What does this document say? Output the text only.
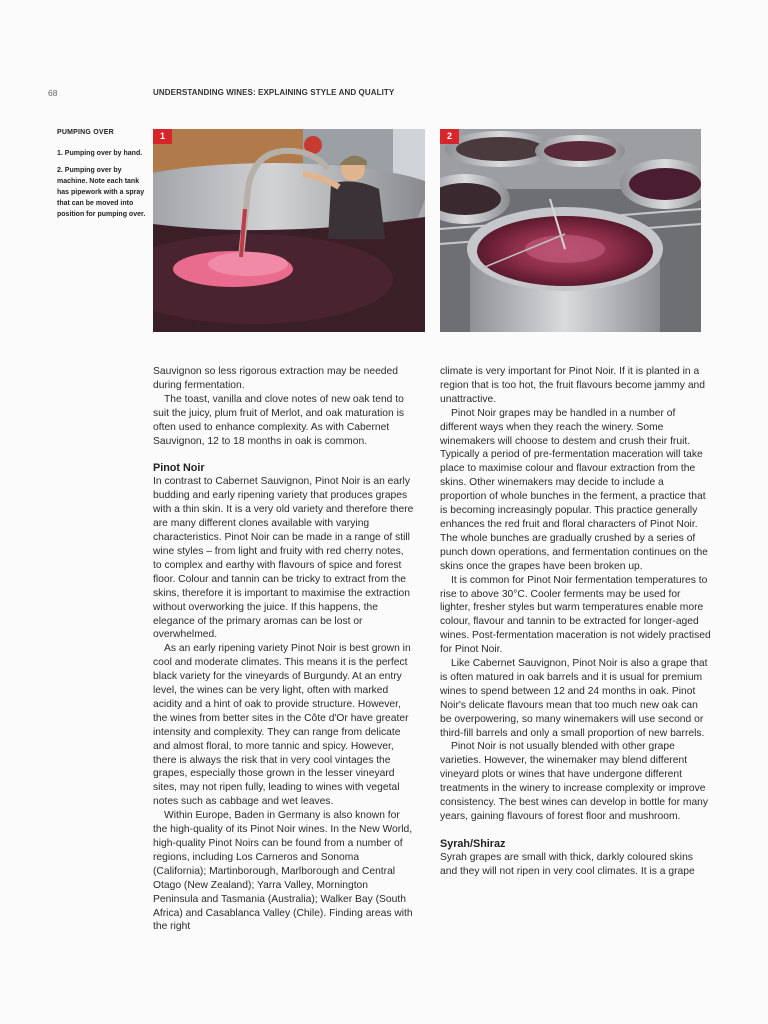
68	UNDERSTANDING WINES: EXPLAINING STYLE AND QUALITY
PUMPING OVER
1. Pumping over by hand.
2. Pumping over by machine. Note each tank has pipework with a spray that can be moved into position for pumping over.
1	2

Sauvignon so less rigorous extraction may be needed during fermentation.

The toast, vanilla and clove notes of new oak tend to suit the juicy, plum fruit of Merlot, and oak maturation is often used to enhance complexity. As with Cabernet Sauvignon, 12 to 18 months in oak is common.

Pinot Noir

In contrast to Cabernet Sauvignon, Pinot Noir is an early budding and early ripening variety that produces grapes with a thin skin. It is a very old variety and therefore there are many different clones available with varying characteristics. Pinot Noir can be made in a range of still wine styles – from light and fruity with red cherry notes, to complex and earthy with flavours of spice and forest floor. Colour and tannin can be tricky to extract from the skins, therefore it is important to maximise the extraction without overworking the juice. If this happens, the elegance of the primary aromas can be lost or overwhelmed.

As an early ripening variety Pinot Noir is best grown in cool and moderate climates. This means it is the perfect black variety for the vineyards of Burgundy. At an entry level, the wines can be very light, often with marked acidity and a hint of oak to provide structure. However, the wines from better sites in the Côte d'Or have greater intensity and complexity. They can range from delicate and almost floral, to more tannic and spicy. However, there is always the risk that in very cool vintages the grapes, especially those grown in the lesser vineyard sites, may not ripen fully, leading to wines with vegetal notes such as cabbage and wet leaves.

Within Europe, Baden in Germany is also known for the high-quality of its Pinot Noir wines. In the New World, high-quality Pinot Noirs can be found from a number of regions, including Los Carneros and Sonoma (California); Martinborough, Marlborough and Central Otago (New Zealand); Yarra Valley, Mornington Peninsula and Tasmania (Australia); Walker Bay (South Africa) and Casablanca Valley (Chile). Finding areas with the right

climate is very important for Pinot Noir. If it is planted in a region that is too hot, the fruit flavours become jammy and unattractive.

Pinot Noir grapes may be handled in a number of different ways when they reach the winery. Some winemakers will choose to destem and crush their fruit. Typically a period of pre-fermentation maceration will take place to maximise colour and flavour extraction from the skins. Other winemakers may decide to include a proportion of whole bunches in the ferment, a practice that is becoming increasingly popular. This practice generally enhances the red fruit and floral characters of Pinot Noir. The whole bunches are gradually crushed by a series of punch down operations, and fermentation continues on the skins once the grapes have been broken up.

It is common for Pinot Noir fermentation temperatures to rise to above 30°C. Cooler ferments may be used for lighter, fresher styles but warm temperatures enable more colour, flavour and tannin to be extracted for longer-aged wines. Post-fermentation maceration is not widely practised for Pinot Noir.

Like Cabernet Sauvignon, Pinot Noir is also a grape that is often matured in oak barrels and it is usual for premium wines to spend between 12 and 24 months in oak. Pinot Noir's delicate flavours mean that too much new oak can be overpowering, so many winemakers will use second or third-fill barrels and only a small proportion of new barrels.

Pinot Noir is not usually blended with other grape varieties. However, the winemaker may blend different vineyard plots or wines that have undergone different treatments in the winery to increase complexity or improve consistency. The best wines can develop in bottle for many years, gaining flavours of forest floor and mushroom.

Syrah/Shiraz

Syrah grapes are small with thick, darkly coloured skins and they will not ripen in very cool climates. It is a grape
